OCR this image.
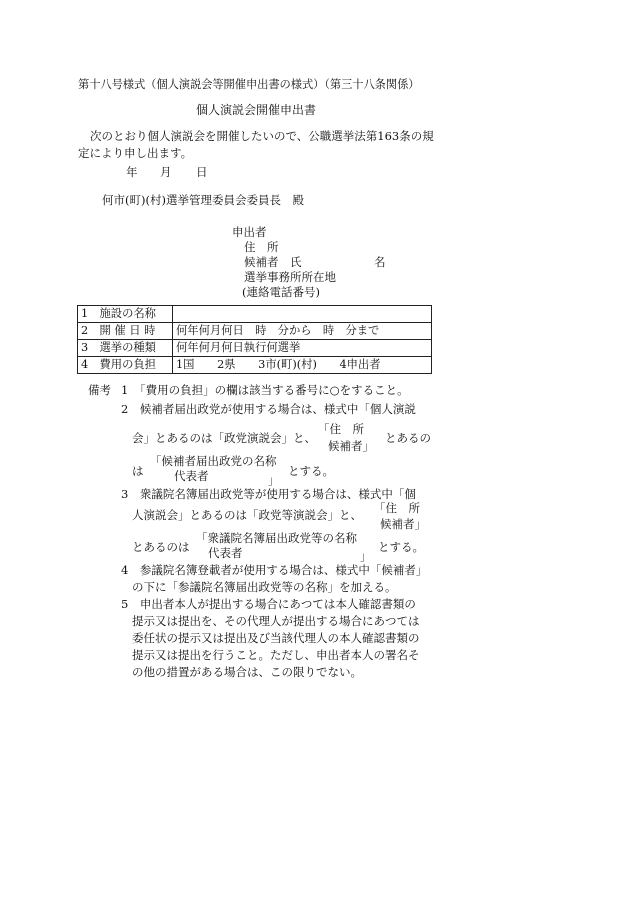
第十八号様式（個人演説会等開催申出書の様式）（第三十八条関係）
個人演説会開催申出書
次のとおり個人演説会を開催したいので、公職選挙法第163条の規定により申し出ます。
年 月 日
何市(町)(村)選挙管理委員会委員長　殿
申出者
住　所
候補者　氏	名
選挙事務所所在地
(連絡電話番号)
1　施設の名称	
2　開 催 日 時	何年何月何日　時　分から　時　分まで
3　選挙の種類	何年何月何日執行何選挙
4　費用の負担	1国　　2県　　3市(町)(村)　　4申出者
備考 1　「費用の負担」の欄は該当する番号に○をすること。
2　候補者届出政党が使用する場合は、様式中「個人演説
会」とあるのは「政党演説会」と、
「住　所
候補者」
とあるの
は
「候補者届出政党の名称
代表者	」
とする。
3　衆議院名簿届出政党等が使用する場合は、様式中「個
人演説会」とあるのは「政党等演説会」と、 「住　所
候補者」
とあるのは
「衆議院名簿届出政党等の名称
代表者	」
とする。
4　参議院名簿登載者が使用する場合は、様式中「候補者」
の下に「参議院名簿届出政党等の名称」を加える。
5　申出者本人が提出する場合にあつては本人確認書類の
提示又は提出を、その代理人が提出する場合にあつては
委任状の提示又は提出及び当該代理人の本人確認書類の
提示又は提出を行うこと。ただし、申出者本人の署名そ
の他の措置がある場合は、この限りでない。
